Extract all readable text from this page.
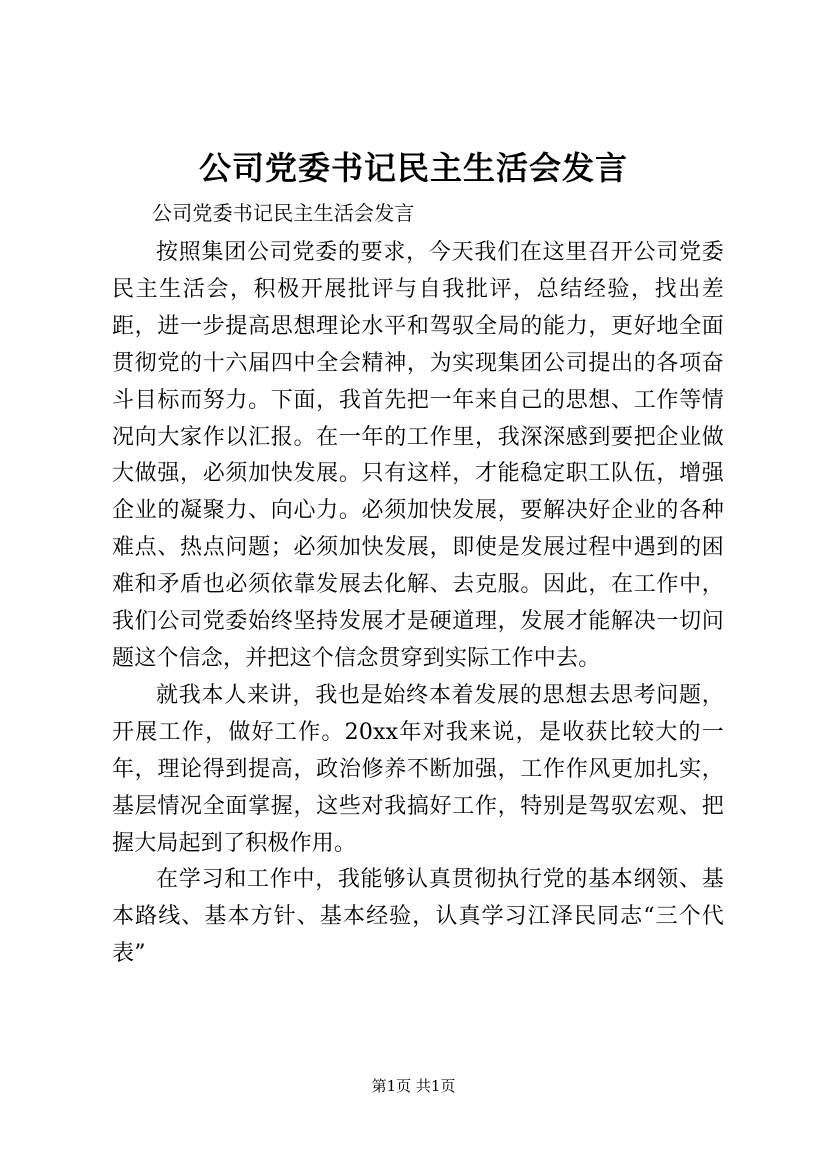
公司党委书记民主生活会发言

公司党委书记民主生活会发言

按照集团公司党委的要求，今天我们在这里召开公司党委民主生活会，积极开展批评与自我批评，总结经验，找出差距，进一步提高思想理论水平和驾驭全局的能力，更好地全面贯彻党的十六届四中全会精神，为实现集团公司提出的各项奋斗目标而努力。下面，我首先把一年来自己的思想、工作等情况向大家作以汇报。在一年的工作里，我深深感到要把企业做大做强，必须加快发展。只有这样，才能稳定职工队伍，增强企业的凝聚力、向心力。必须加快发展，要解决好企业的各种难点、热点问题；必须加快发展，即使是发展过程中遇到的困难和矛盾也必须依靠发展去化解、去克服。因此，在工作中，我们公司党委始终坚持发展才是硬道理，发展才能解决一切问题这个信念，并把这个信念贯穿到实际工作中去。

就我本人来讲，我也是始终本着发展的思想去思考问题，开展工作，做好工作。20xx年对我来说，是收获比较大的一年，理论得到提高，政治修养不断加强，工作作风更加扎实，基层情况全面掌握，这些对我搞好工作，特别是驾驭宏观、把握大局起到了积极作用。

在学习和工作中，我能够认真贯彻执行党的基本纲领、基本路线、基本方针、基本经验，认真学习江泽民同志“三个代表”

第1页 共1页
